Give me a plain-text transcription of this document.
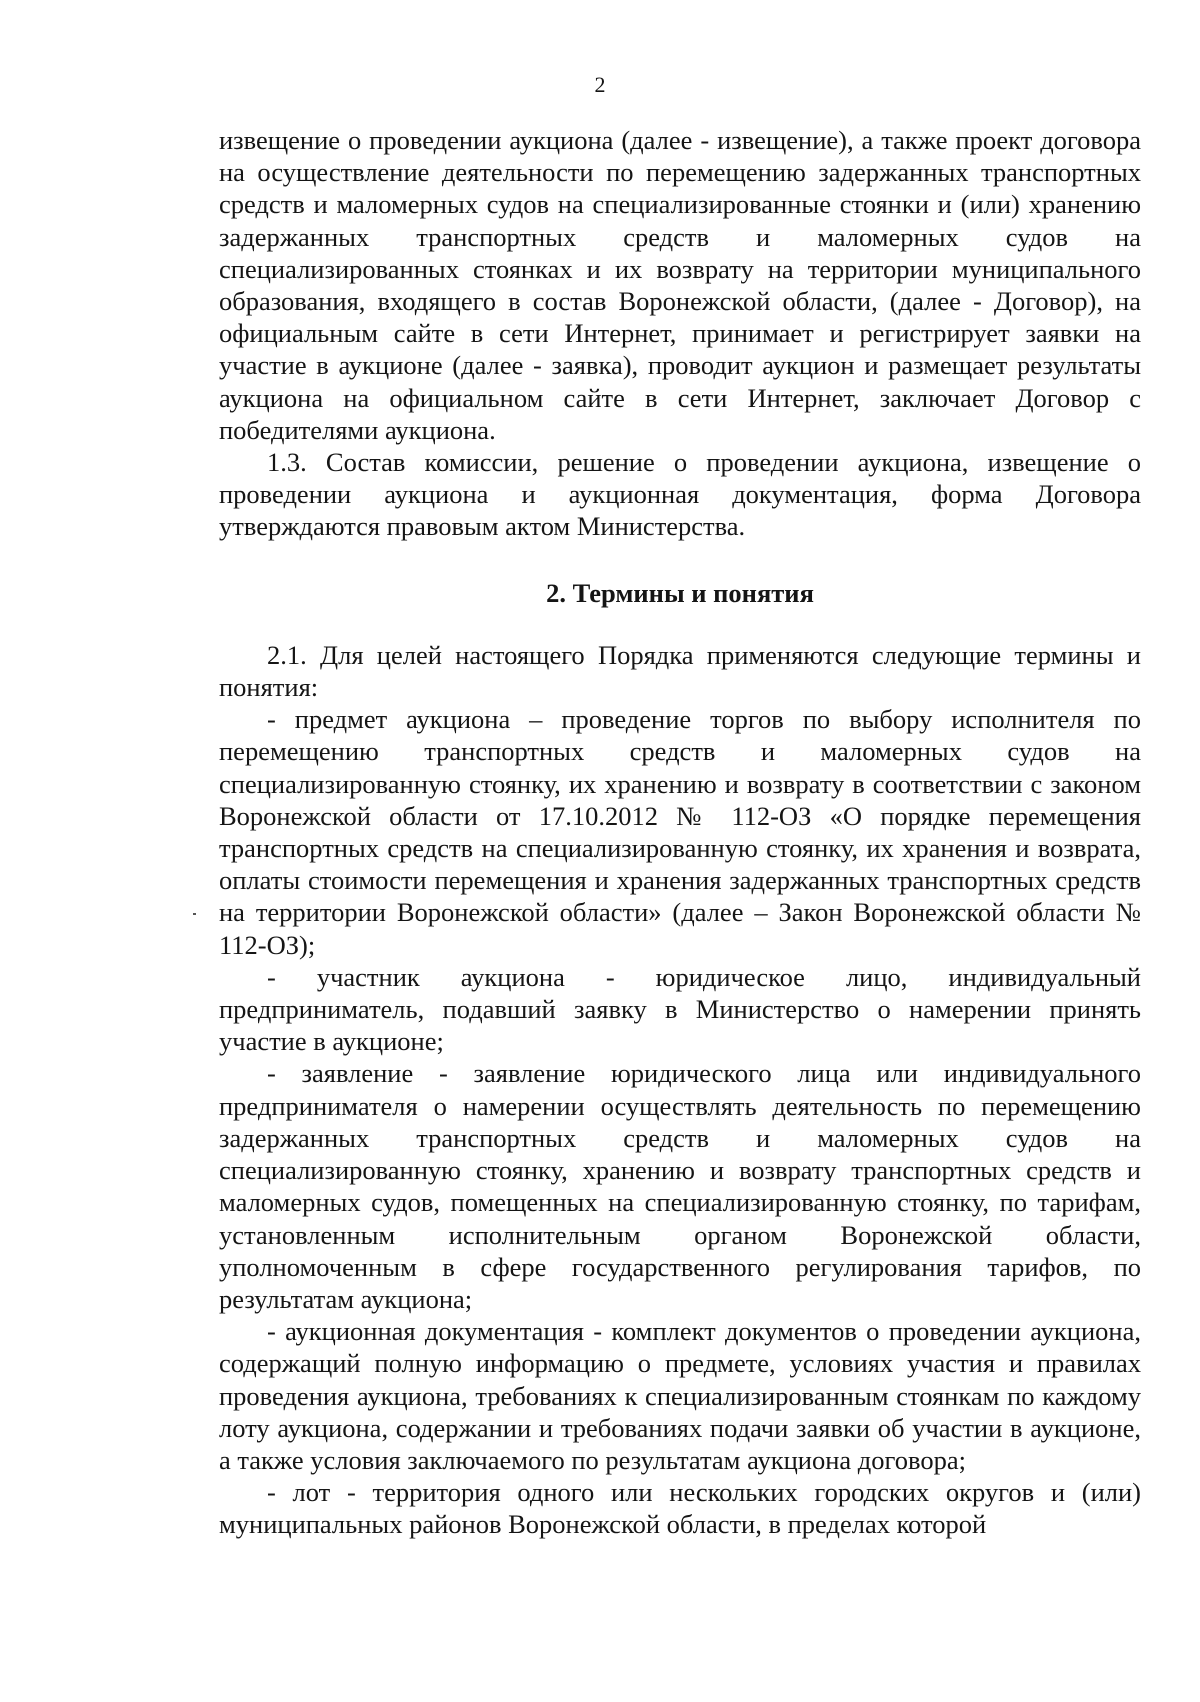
2

извещение о проведении аукциона (далее - извещение), а также проект договора на осуществление деятельности по перемещению задержанных транспортных средств и маломерных судов на специализированные стоянки и (или) хранению задержанных транспортных средств и маломерных судов на специализированных стоянках и их возврату на территории муниципального образования, входящего в состав Воронежской области, (далее - Договор), на официальным сайте в сети Интернет, принимает и регистрирует заявки на участие в аукционе (далее - заявка), проводит аукцион и размещает результаты аукциона на официальном сайте в сети Интернет, заключает Договор с победителями аукциона.

1.3. Состав комиссии, решение о проведении аукциона, извещение о проведении аукциона и аукционная документация, форма Договора утверждаются правовым актом Министерства.

2. Термины и понятия

2.1. Для целей настоящего Порядка применяются следующие термины и понятия:

- предмет аукциона – проведение торгов по выбору исполнителя по перемещению транспортных средств и маломерных судов на специализированную стоянку, их хранению и возврату в соответствии с законом Воронежской области от 17.10.2012 № 112-ОЗ «О порядке перемещения транспортных средств на специализированную стоянку, их хранения и возврата, оплаты стоимости перемещения и хранения задержанных транспортных средств на территории Воронежской области» (далее – Закон Воронежской области № 112-ОЗ);

- участник аукциона - юридическое лицо, индивидуальный предприниматель, подавший заявку в Министерство о намерении принять участие в аукционе;

- заявление - заявление юридического лица или индивидуального предпринимателя о намерении осуществлять деятельность по перемещению задержанных транспортных средств и маломерных судов на специализированную стоянку, хранению и возврату транспортных средств и маломерных судов, помещенных на специализированную стоянку, по тарифам, установленным исполнительным органом Воронежской области, уполномоченным в сфере государственного регулирования тарифов, по результатам аукциона;

- аукционная документация - комплект документов о проведении аукциона, содержащий полную информацию о предмете, условиях участия и правилах проведения аукциона, требованиях к специализированным стоянкам по каждому лоту аукциона, содержании и требованиях подачи заявки об участии в аукционе, а также условия заключаемого по результатам аукциона договора;

- лот - территория одного или нескольких городских округов и (или) муниципальных районов Воронежской области, в пределах которой
